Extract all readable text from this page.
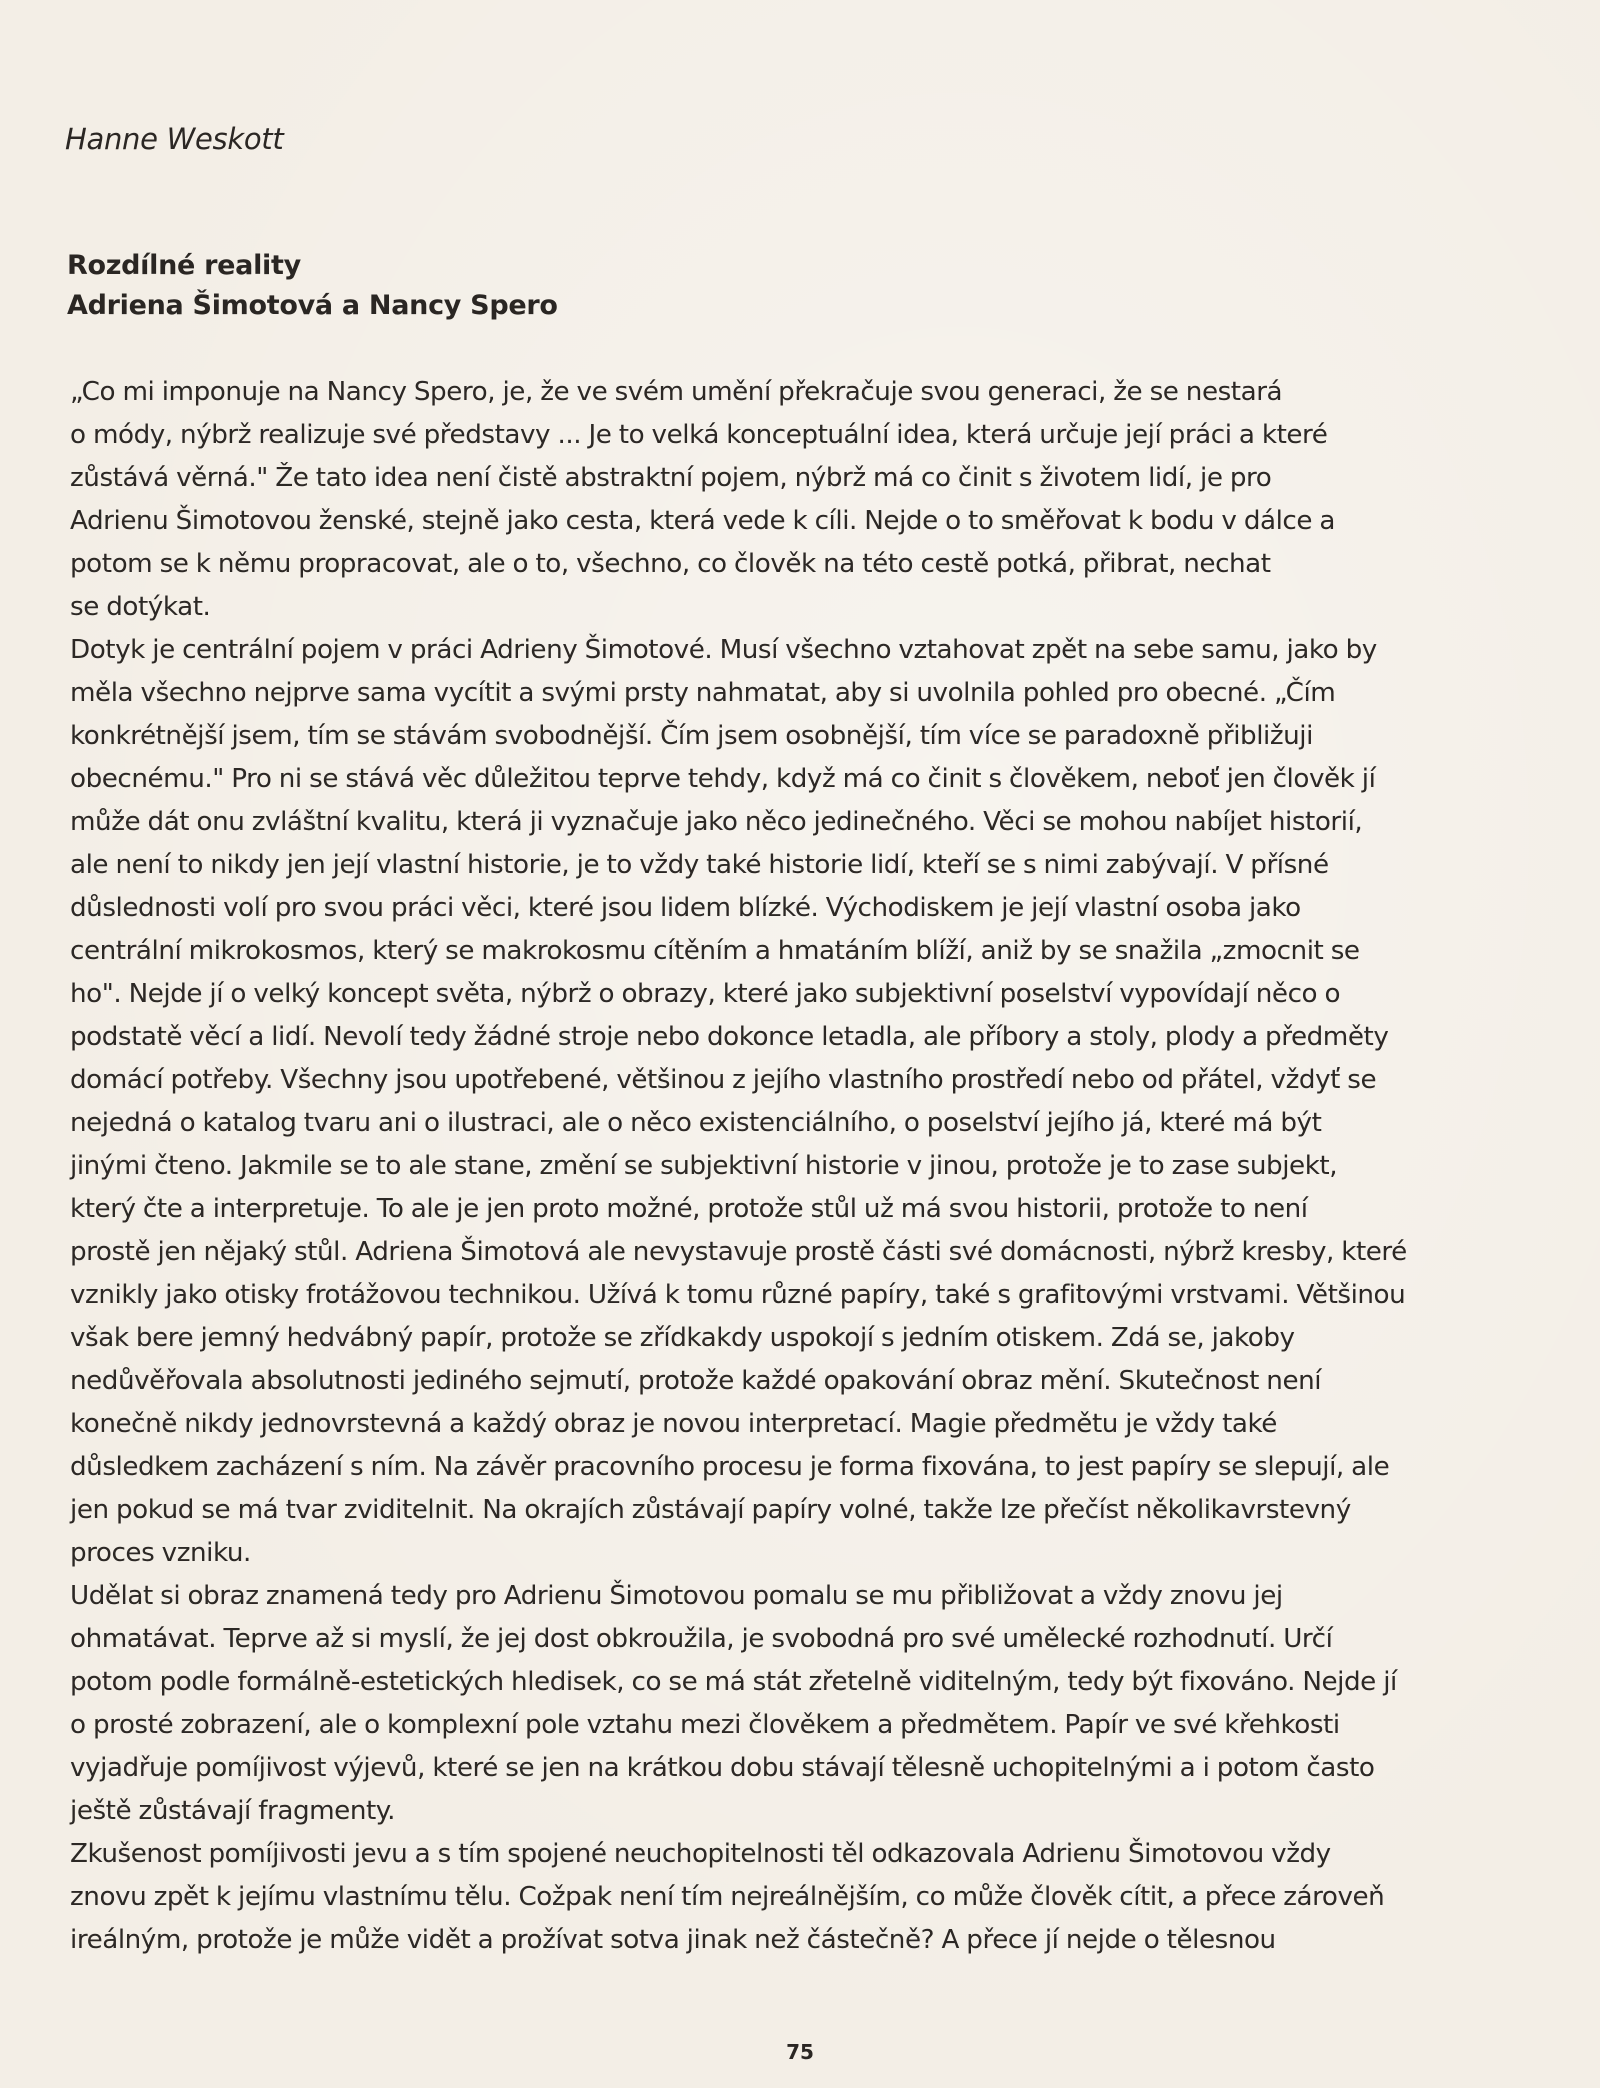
Hanne Weskott
Rozdílné reality
Adriena Šimotová a Nancy Spero
„Co mi imponuje na Nancy Spero, je, že ve svém umění překračuje svou generaci, že se nestará
o módy, nýbrž realizuje své představy ... Je to velká konceptuální idea, která určuje její práci a které
zůstává věrná." Že tato idea není čistě abstraktní pojem, nýbrž má co činit s životem lidí, je pro
Adrienu Šimotovou ženské, stejně jako cesta, která vede k cíli. Nejde o to směřovat k bodu v dálce a
potom se k němu propracovat, ale o to, všechno, co člověk na této cestě potká, přibrat, nechat
se dotýkat.
Dotyk je centrální pojem v práci Adrieny Šimotové. Musí všechno vztahovat zpět na sebe samu, jako by
měla všechno nejprve sama vycítit a svými prsty nahmatat, aby si uvolnila pohled pro obecné. „Čím
konkrétnější jsem, tím se stávám svobodnější. Čím jsem osobnější, tím více se paradoxně přibližuji
obecnému." Pro ni se stává věc důležitou teprve tehdy, když má co činit s člověkem, neboť jen člověk jí
může dát onu zvláštní kvalitu, která ji vyznačuje jako něco jedinečného. Věci se mohou nabíjet historií,
ale není to nikdy jen její vlastní historie, je to vždy také historie lidí, kteří se s nimi zabývají. V přísné
důslednosti volí pro svou práci věci, které jsou lidem blízké. Východiskem je její vlastní osoba jako
centrální mikrokosmos, který se makrokosmu cítěním a hmatáním blíží, aniž by se snažila „zmocnit se
ho". Nejde jí o velký koncept světa, nýbrž o obrazy, které jako subjektivní poselství vypovídají něco o
podstatě věcí a lidí. Nevolí tedy žádné stroje nebo dokonce letadla, ale příbory a stoly, plody a předměty
domácí potřeby. Všechny jsou upotřebené, většinou z jejího vlastního prostředí nebo od přátel, vždyť se
nejedná o katalog tvaru ani o ilustraci, ale o něco existenciálního, o poselství jejího já, které má být
jinými čteno. Jakmile se to ale stane, změní se subjektivní historie v jinou, protože je to zase subjekt,
který čte a interpretuje. To ale je jen proto možné, protože stůl už má svou historii, protože to není
prostě jen nějaký stůl. Adriena Šimotová ale nevystavuje prostě části své domácnosti, nýbrž kresby, které
vznikly jako otisky frotážovou technikou. Užívá k tomu různé papíry, také s grafitovými vrstvami. Většinou
však bere jemný hedvábný papír, protože se zřídkakdy uspokojí s jedním otiskem. Zdá se, jakoby
nedůvěřovala absolutnosti jediného sejmutí, protože každé opakování obraz mění. Skutečnost není
konečně nikdy jednovrstevná a každý obraz je novou interpretací. Magie předmětu je vždy také
důsledkem zacházení s ním. Na závěr pracovního procesu je forma fixována, to jest papíry se slepují, ale
jen pokud se má tvar zviditelnit. Na okrajích zůstávají papíry volné, takže lze přečíst několikavrstevný
proces vzniku.
Udělat si obraz znamená tedy pro Adrienu Šimotovou pomalu se mu přibližovat a vždy znovu jej
ohmatávat. Teprve až si myslí, že jej dost obkroužila, je svobodná pro své umělecké rozhodnutí. Určí
potom podle formálně-estetických hledisek, co se má stát zřetelně viditelným, tedy být fixováno. Nejde jí
o prosté zobrazení, ale o komplexní pole vztahu mezi člověkem a předmětem. Papír ve své křehkosti
vyjadřuje pomíjivost výjevů, které se jen na krátkou dobu stávají tělesně uchopitelnými a i potom často
ještě zůstávají fragmenty.
Zkušenost pomíjivosti jevu a s tím spojené neuchopitelnosti těl odkazovala Adrienu Šimotovou vždy
znovu zpět k jejímu vlastnímu tělu. Cožpak není tím nejreálnějším, co může člověk cítit, a přece zároveň
ireálným, protože je může vidět a prožívat sotva jinak než částečně? A přece jí nejde o tělesnou
75
